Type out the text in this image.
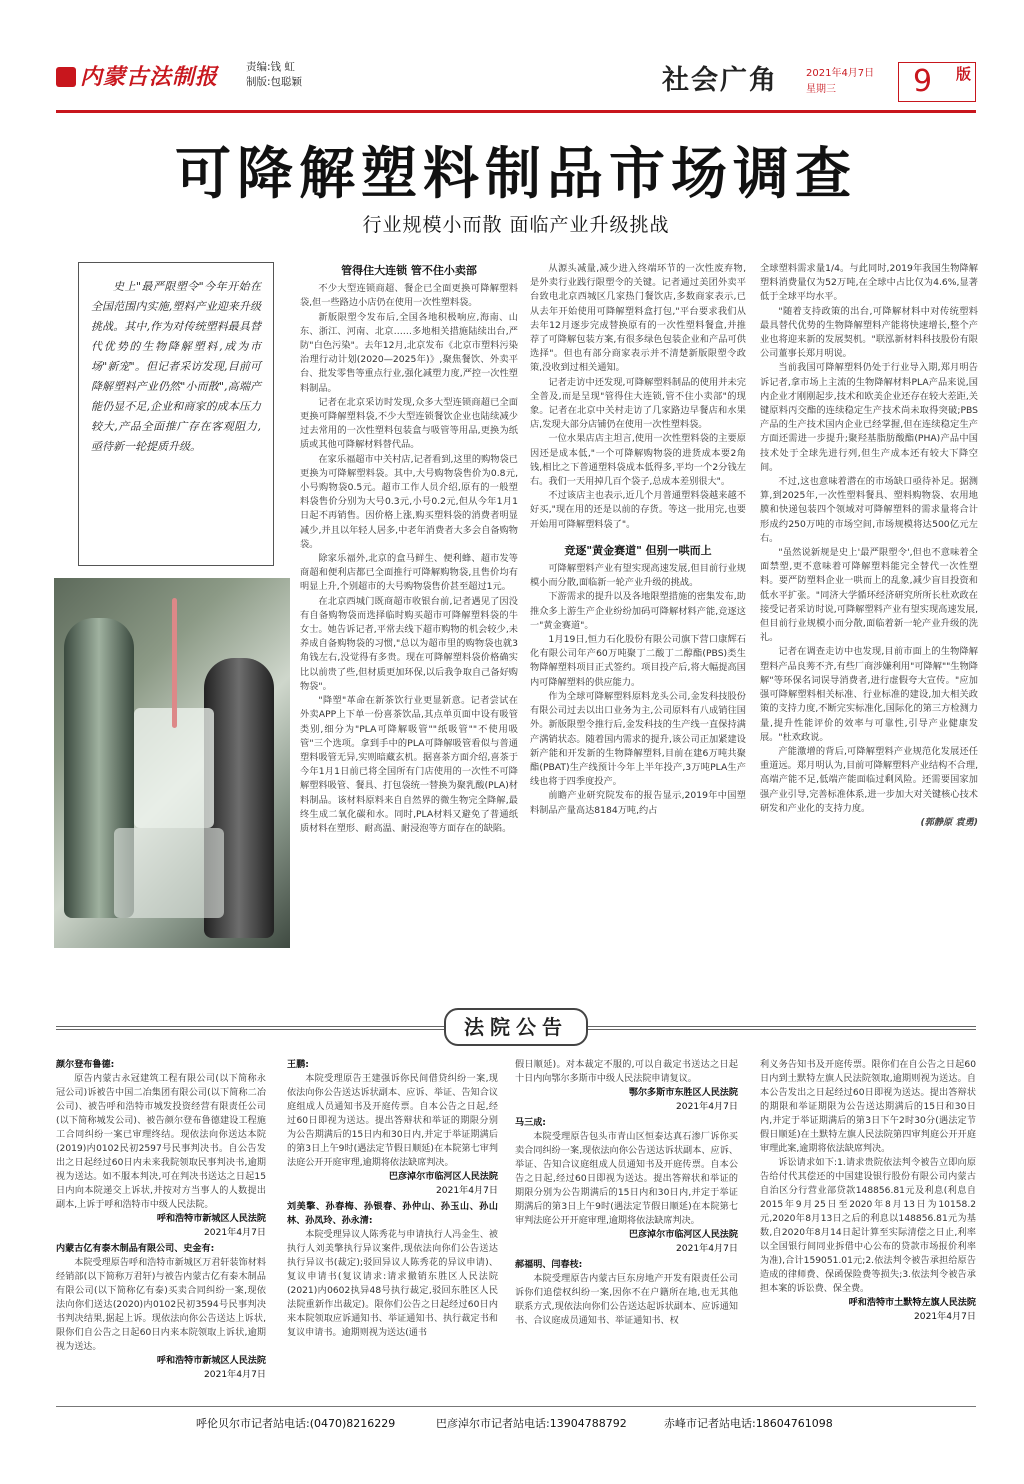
内蒙古法制报	责编:钱 虹
制版:包聪颖	社会广角	2021年4月7日
星期三	9 版
可降解塑料制品市场调查
行业规模小而散 面临产业升级挑战
史上"最严限塑令"今年开始在全国范围内实施,塑料产业迎来升级挑战。其中,作为对传统塑料最具替代优势的生物降解塑料,成为市场"新宠"。但记者采访发现,目前可降解塑料产业仍然"小而散",高端产能仍显不足,企业和商家的成本压力较大,产品全面推广存在客观阻力,亟待新一轮提质升级。
管得住大连锁 管不住小卖部

不少大型连锁商超、餐企已全面更换可降解塑料袋,但一些路边小店仍在使用一次性塑料袋。

新版限塑令发布后,全国各地积极响应,海南、山东、浙江、河南、北京……多地相关措施陆续出台,严防"白色污染"。去年12月,北京发布《北京市塑料污染治理行动计划(2020—2025年)》,聚焦餐饮、外卖平台、批发零售等重点行业,强化减塑力度,严控一次性塑料制品。

记者在北京采访时发现,众多大型连锁商超已全面更换可降解塑料袋,不少大型连锁餐饮企业也陆续减少过去常用的一次性塑料包装盒与吸管等用品,更换为纸质或其他可降解材料替代品。

在家乐福超市中关村店,记者看到,这里的购物袋已更换为可降解塑料袋。其中,大号购物袋售价为0.8元,小号购物袋0.5元。超市工作人员介绍,原有的一般塑料袋售价分别为大号0.3元,小号0.2元,但从今年1月1日起不再销售。因价格上涨,购买塑料袋的消费者明显减少,并且以年轻人居多,中老年消费者大多会自备购物袋。

除家乐福外,北京的盒马鲜生、便利蜂、超市发等商超和便利店都已全面推行可降解购物袋,且售价均有明显上升,个别超市的大号购物袋售价甚至超过1元。

在北京西城门既商超市收银台前,记者遇见了因没有自备购物袋而选择临时购买超市可降解塑料袋的牛女士。她告诉记者,平常去线下超市购物的机会较少,未养成自备购物袋的习惯,"总以为超市里的购物袋也就3角钱左右,没觉得有多贵。现在可降解塑料袋价格确实比以前贵了些,但材质更加环保,以后我争取自己备好购物袋"。

"降塑"革命在新茶饮行业更显新意。记者尝试在外卖APP上下单一份喜茶饮品,其点单页面中设有吸管类别,细分为"PLA可降解吸管""纸吸管""不使用吸管"三个选项。拿到手中的PLA可降解吸管看似与普通塑料吸管无异,实则暗藏玄机。据喜茶方面介绍,喜茶于今年1月1日前已将全国所有门店使用的一次性不可降解塑料吸管、餐具、打包袋统一替换为聚乳酸(PLA)材料制品。该材料原料来自自然界的微生物完全降解,最终生成二氧化碳和水。同时,PLA材料又避免了普通纸质材料在塑形、耐高温、耐浸泡等方面存在的缺陷。

从源头减量,减少进入终端环节的一次性废弃物,是外卖行业践行限塑令的关键。记者通过美团外卖平台致电北京西城区几家热门餐饮店,多数商家表示,已从去年开始使用可降解塑料盒打包,"平台要求我们从去年12月逐步完成替换原有的一次性塑料餐盒,并推荐了可降解包装方案,有很多绿色包装企业和产品可供选择"。但也有部分商家表示并不清楚新版限塑令政策,没收到过相关通知。

记者走访中还发现,可降解塑料制品的使用并未完全普及,而是呈现"管得住大连锁,管不住小卖部"的现象。记者在北京中关村走访了几家路边早餐店和水果店,发现大部分店铺仍在使用一次性塑料袋。

一位水果店店主坦言,使用一次性塑料袋的主要原因还是成本低,"一个可降解购物袋的进货成本要2角钱,相比之下普通塑料袋成本低得多,平均一个2分钱左右。我们一天用掉几百个袋子,总成本差别很大"。

不过该店主也表示,近几个月普通塑料袋越来越不好买,"现在用的还是以前的存货。等这一批用完,也要开始用可降解塑料袋了"。

竞逐"黄金赛道" 但别一哄而上

可降解塑料产业有望实现高速发展,但目前行业规模小而分散,面临新一轮产业升级的挑战。

下游需求的提升以及各地限塑措施的密集发布,助推众多上游生产企业纷纷加码可降解材料产能,竞逐这一"黄金赛道"。

1月19日,恒力石化股份有限公司旗下营口康辉石化有限公司年产60万吨聚丁二酸丁二醇酯(PBS)类生物降解塑料项目正式签约。项目投产后,将大幅提高国内可降解塑料的供应能力。

作为全球可降解塑料原料龙头公司,金发科技股份有限公司过去以出口业务为主,公司原料有八成销往国外。新版限塑令推行后,金发科技的生产线一直保持满产满销状态。随着国内需求的提升,该公司正加紧建设新产能和开发新的生物降解塑料,目前在建6万吨共聚酯(PBAT)生产线预计今年上半年投产,3万吨PLA生产线也将于四季度投产。

前瞻产业研究院发布的报告显示,2019年中国塑料制品产量高达8184万吨,约占

全球塑料需求量1/4。与此同时,2019年我国生物降解塑料消费量仅为52万吨,在全球中占比仅为4.6%,显著低于全球平均水平。

"随着支持政策的出台,可降解材料中对传统塑料最具替代优势的生物降解塑料产能将快速增长,整个产业也将迎来新的发展契机。"联泓新材料科技股份有限公司董事长郑月明说。

当前我国可降解塑料仍处于行业导入期,郑月明告诉记者,拿市场上主流的生物降解材料PLA产品来说,国内企业才刚刚起步,技术和欧美企业还存在较大差距,关键原料丙交酯的连续稳定生产技术尚未取得突破;PBS产品的生产技术国内企业已经掌握,但在连续稳定生产方面还需进一步提升;聚羟基脂肪酸酯(PHA)产品中国技术处于全球先进行列,但生产成本还有较大下降空间。

不过,这也意味着潜在的市场缺口亟待补足。据测算,到2025年,一次性塑料餐具、塑料购物袋、农用地膜和快递包装四个领域对可降解塑料的需求量将合计形成约250万吨的市场空间,市场规模将达500亿元左右。

"虽然说新规是史上'最严限塑令',但也不意味着全面禁塑,更不意味着可降解塑料能完全替代一次性塑料。要严防塑料企业一哄而上的乱象,减少盲目投资和低水平扩张。"同济大学循环经济研究所所长杜欢政在接受记者采访时说,可降解塑料产业有望实现高速发展,但目前行业规模小而分散,面临着新一轮产业升级的洗礼。

记者在调查走访中也发现,目前市面上的生物降解塑料产品良莠不齐,有些厂商涉嫌利用"可降解""生物降解"等环保名词误导消费者,进行虚假夸大宣传。"应加强可降解塑料相关标准、行业标准的建设,加大相关政策的支持力度,不断完实标准化,国际化的第三方检测力量,提升性能评价的效率与可靠性,引导产业健康发展。"杜欢政说。

产能激增的背后,可降解塑料产业规范化发展还任重道远。郑月明认为,目前可降解塑料产业结构不合理,高端产能不足,低端产能面临过剩风险。还需要国家加强产业引导,完善标准体系,进一步加大对关键核心技术研发和产业化的支持力度。

(郭静原 袁勇)

法院公告
颜尔登布鲁德:

原告内蒙古永冠建筑工程有限公司(以下简称永冠公司)诉被告中国二冶集团有限公司(以下简称二冶公司)、被告呼和浩特市城发投资经营有限责任公司(以下简称城发公司)、被告颜尔登布鲁德建设工程施工合同纠纷一案已审理终结。现依法向你送达本院(2019)内0102民初2597号民事判决书。自公告发出之日起经过60日内未来我院领取民事判决书,逾期视为送达。如不服本判决,可在判决书送达之日起15日内向本院递交上诉状,并按对方当事人的人数提出副本,上诉于呼和浩特市中级人民法院。

呼和浩特市新城区人民法院
2021年4月7日
内蒙古亿有泰木制品有限公司、史金有:

本院受理原告呼和浩特市新城区万君轩装饰材料经销部(以下简称万君轩)与被告内蒙古亿有泰木制品有限公司(以下简称亿有泰)买卖合同纠纷一案,现依法向你们送达(2020)内0102民初3594号民事判决书判决结果,据起上诉。现依法向你公告送达上诉状,限你们自公告之日起60日内来本院领取上诉状,逾期视为送达。

呼和浩特市新城区人民法院
2021年4月7日
王鹏:

本院受理原告王建强诉你民间借贷纠纷一案,现依法向你公告送达诉状副本、应诉、举证、告知合议庭组成人员通知书及开庭传票。自本公告之日起,经过60日即视为送达。提出答辩状和举证的期限分别为公告期满后的15日内和30日内,并定于举证期满后的第3日上午9时(遇法定节假日顺延)在本院第七审判法庭公开开庭审理,逾期将依法缺席判决。

巴彦淖尔市临河区人民法院
2021年4月7日
刘美擎、孙春梅、孙银春、孙仲山、孙玉山、孙山林、孙凤玲、孙永清:

本院受理异议人陈秀花与申请执行人冯金生、被执行人刘美擎执行异议案件,现依法向你们公告送达执行异议书(裁定);驳回异议人陈秀花的异议申请)、复议申请书(复议请求:请求撤销东胜区人民法院(2021)内0602执异48号执行裁定,驳回东胜区人民法院重新作出裁定)。限你们公告之日起经过60日内来本院领取应诉通知书、举证通知书、执行裁定书和复议申请书。逾期则视为送达(通书

假日顺延)。对本裁定不服的,可以自裁定书送达之日起十日内向鄂尔多斯市中级人民法院申请复议。

鄂尔多斯市东胜区人民法院
2021年4月7日
马三成:

本院受理原告包头市青山区恒泰达真石渗厂诉你买卖合同纠纷一案,现依法向你公告送达诉状副本、应诉、举证、告知合议庭组成人员通知书及开庭传票。自本公告之日起,经过60日即视为送达。提出答辩状和举证的期限分别为公告期满后的15日内和30日内,并定于举证期满后的第3日上午9时(遇法定节假日顺延)在本院第七审判法庭公开开庭审理,逾期将依法缺席判决。

巴彦淖尔市临河区人民法院
2021年4月7日
郝福明、闫春枝:

本院受理原告内蒙古巨东房地产开发有限责任公司诉你们追偿权纠纷一案,因你不在户籍所在地,也无其他联系方式,现依法向你们公告送达起诉状副本、应诉通知书、合议庭成员通知书、举证通知书、权

利义务告知书及开庭传票。限你们在自公告之日起60日内到土默特左旗人民法院领取,逾期则视为送达。自本公告发出之日起经过60日即视为送达。提出答辩状的期限和举证期限为公告送达期满后的15日和30日内,并定于举证期满后的第3日下午2时30分(遇法定节假日顺延)在土默特左旗人民法院第四审判庭公开开庭审理此案,逾期将依法缺席判决。

诉讼请求如下:1.请求贵院依法判令被告立即向原告给付代其偿还的中国建设银行股份有限公司内蒙古自治区分行营业部贷款148856.81元及利息(利息自2015年9月25日至2020年8月13日为10158.2元,2020年8月13日之后的利息以148856.81元为基数,自2020年8月14日起计算至实际清偿之日止,利率以全国银行间同业拆借中心公布的贷款市场报价利率为准),合计159051.01元;2.依法判令被告承担给原告造成的律师费、保函保险费等损失;3.依法判令被告承担本案的诉讼费、保全费。

呼和浩特市土默特左旗人民法院
2021年4月7日
呼伦贝尔市记者站电话:(0470)8216229	巴彦淖尔市记者站电话:13904788792	赤峰市记者站电话:18604761098
